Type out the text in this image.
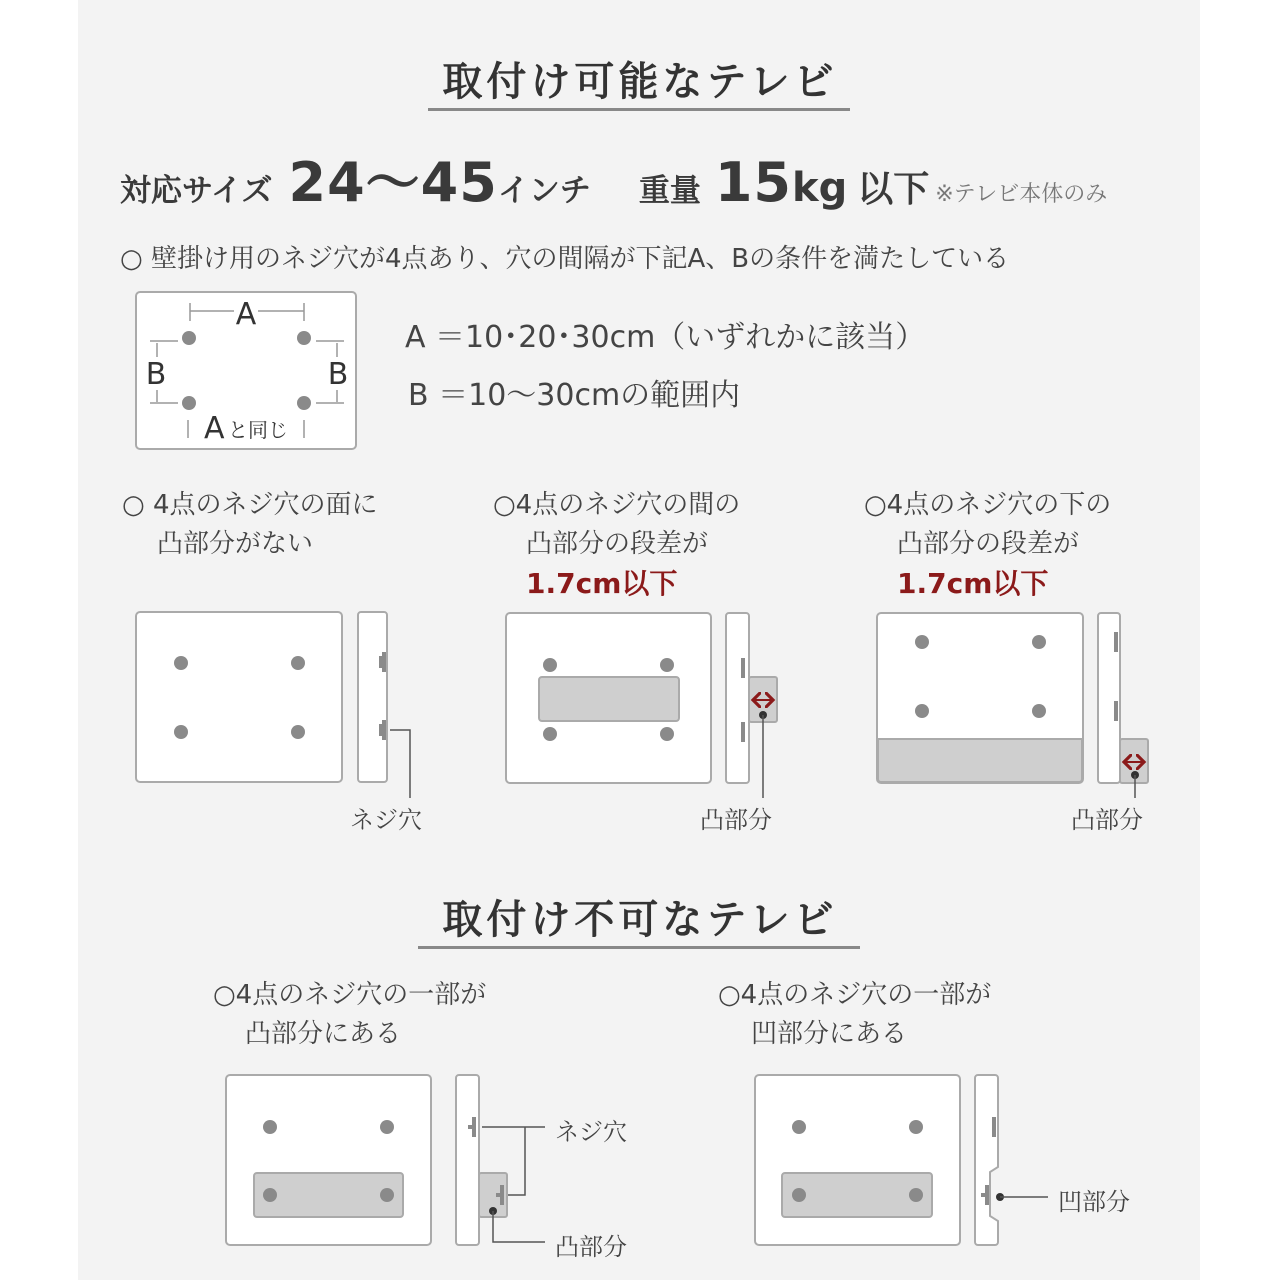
取付け可能なテレビ
対応サイズ 24～45 インチ 重量 15 kg 以下 ※テレビ本体のみ
○ 壁掛け用のネジ穴が4点あり、穴の間隔が下記A、Bの条件を満たしている
A ＝10･20･30cm（いずれかに該当）
B ＝10～30cmの範囲内
○ 4点のネジ穴の面に
凸部分がない
○4点のネジ穴の間の
凸部分の段差が
1.7cm以下
○4点のネジ穴の下の
凸部分の段差が
1.7cm以下
ネジ穴	凸部分	凸部分
取付け不可なテレビ
○4点のネジ穴の一部が
凸部分にある
○4点のネジ穴の一部が
凹部分にある
ネジ穴
凸部分
凹部分
A
B	B
A と同じ
